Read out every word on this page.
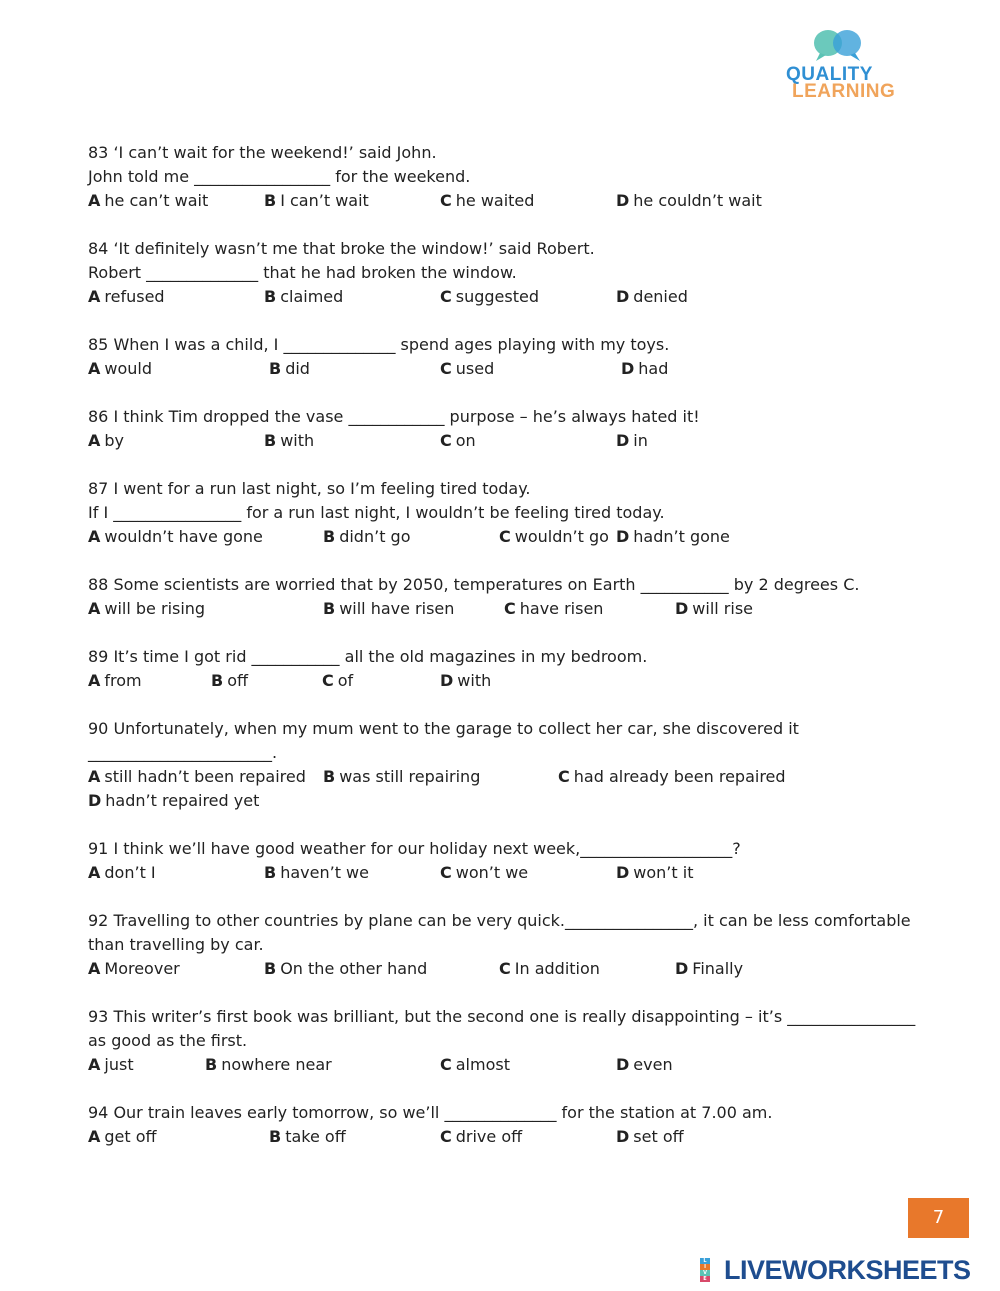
QUALITY
LEARNING
83 ‘I can’t wait for the weekend!’ said John.
John told me _________________ for the weekend.
A he can’t wait	B I can’t wait	C he waited	D he couldn’t wait
84 ‘It definitely wasn’t me that broke the window!’ said Robert.
Robert ______________ that he had broken the window.
A refused	B claimed	C suggested	D denied
85 When I was a child, I ______________ spend ages playing with my toys.
A would	B did	C used	D had
86 I think Tim dropped the vase ____________ purpose – he’s always hated it!
A by	B with	C on	D in
87 I went for a run last night, so I’m feeling tired today.
If I ________________ for a run last night, I wouldn’t be feeling tired today.
A wouldn’t have gone	B didn’t go	C wouldn’t go D hadn’t gone
88 Some scientists are worried that by 2050, temperatures on Earth ___________ by 2 degrees C.
A will be rising	B will have risen	C have risen	D will rise
89 It’s time I got rid ___________ all the old magazines in my bedroom.
A from	B off	C of	D with
90 Unfortunately, when my mum went to the garage to collect her car, she discovered it
_______________________.
A still hadn’t been repaired B was still repairing	C had already been repaired
D hadn’t repaired yet
91 I think we’ll have good weather for our holiday next week,___________________?
A don’t I	B haven’t we	C won’t we	D won’t it
92 Travelling to other countries by plane can be very quick.________________, it can be less comfortable
than travelling by car.
A Moreover	B On the other hand	C In addition	D Finally
93 This writer’s first book was brilliant, but the second one is really disappointing – it’s ________________
as good as the first.
A just	B nowhere near	C almost	D even
94 Our train leaves early tomorrow, so we’ll ______________ for the station at 7.00 am.
A get off	B take off	C drive off	D set off
7
L
I
V
E LIVEWORKSHEETS
